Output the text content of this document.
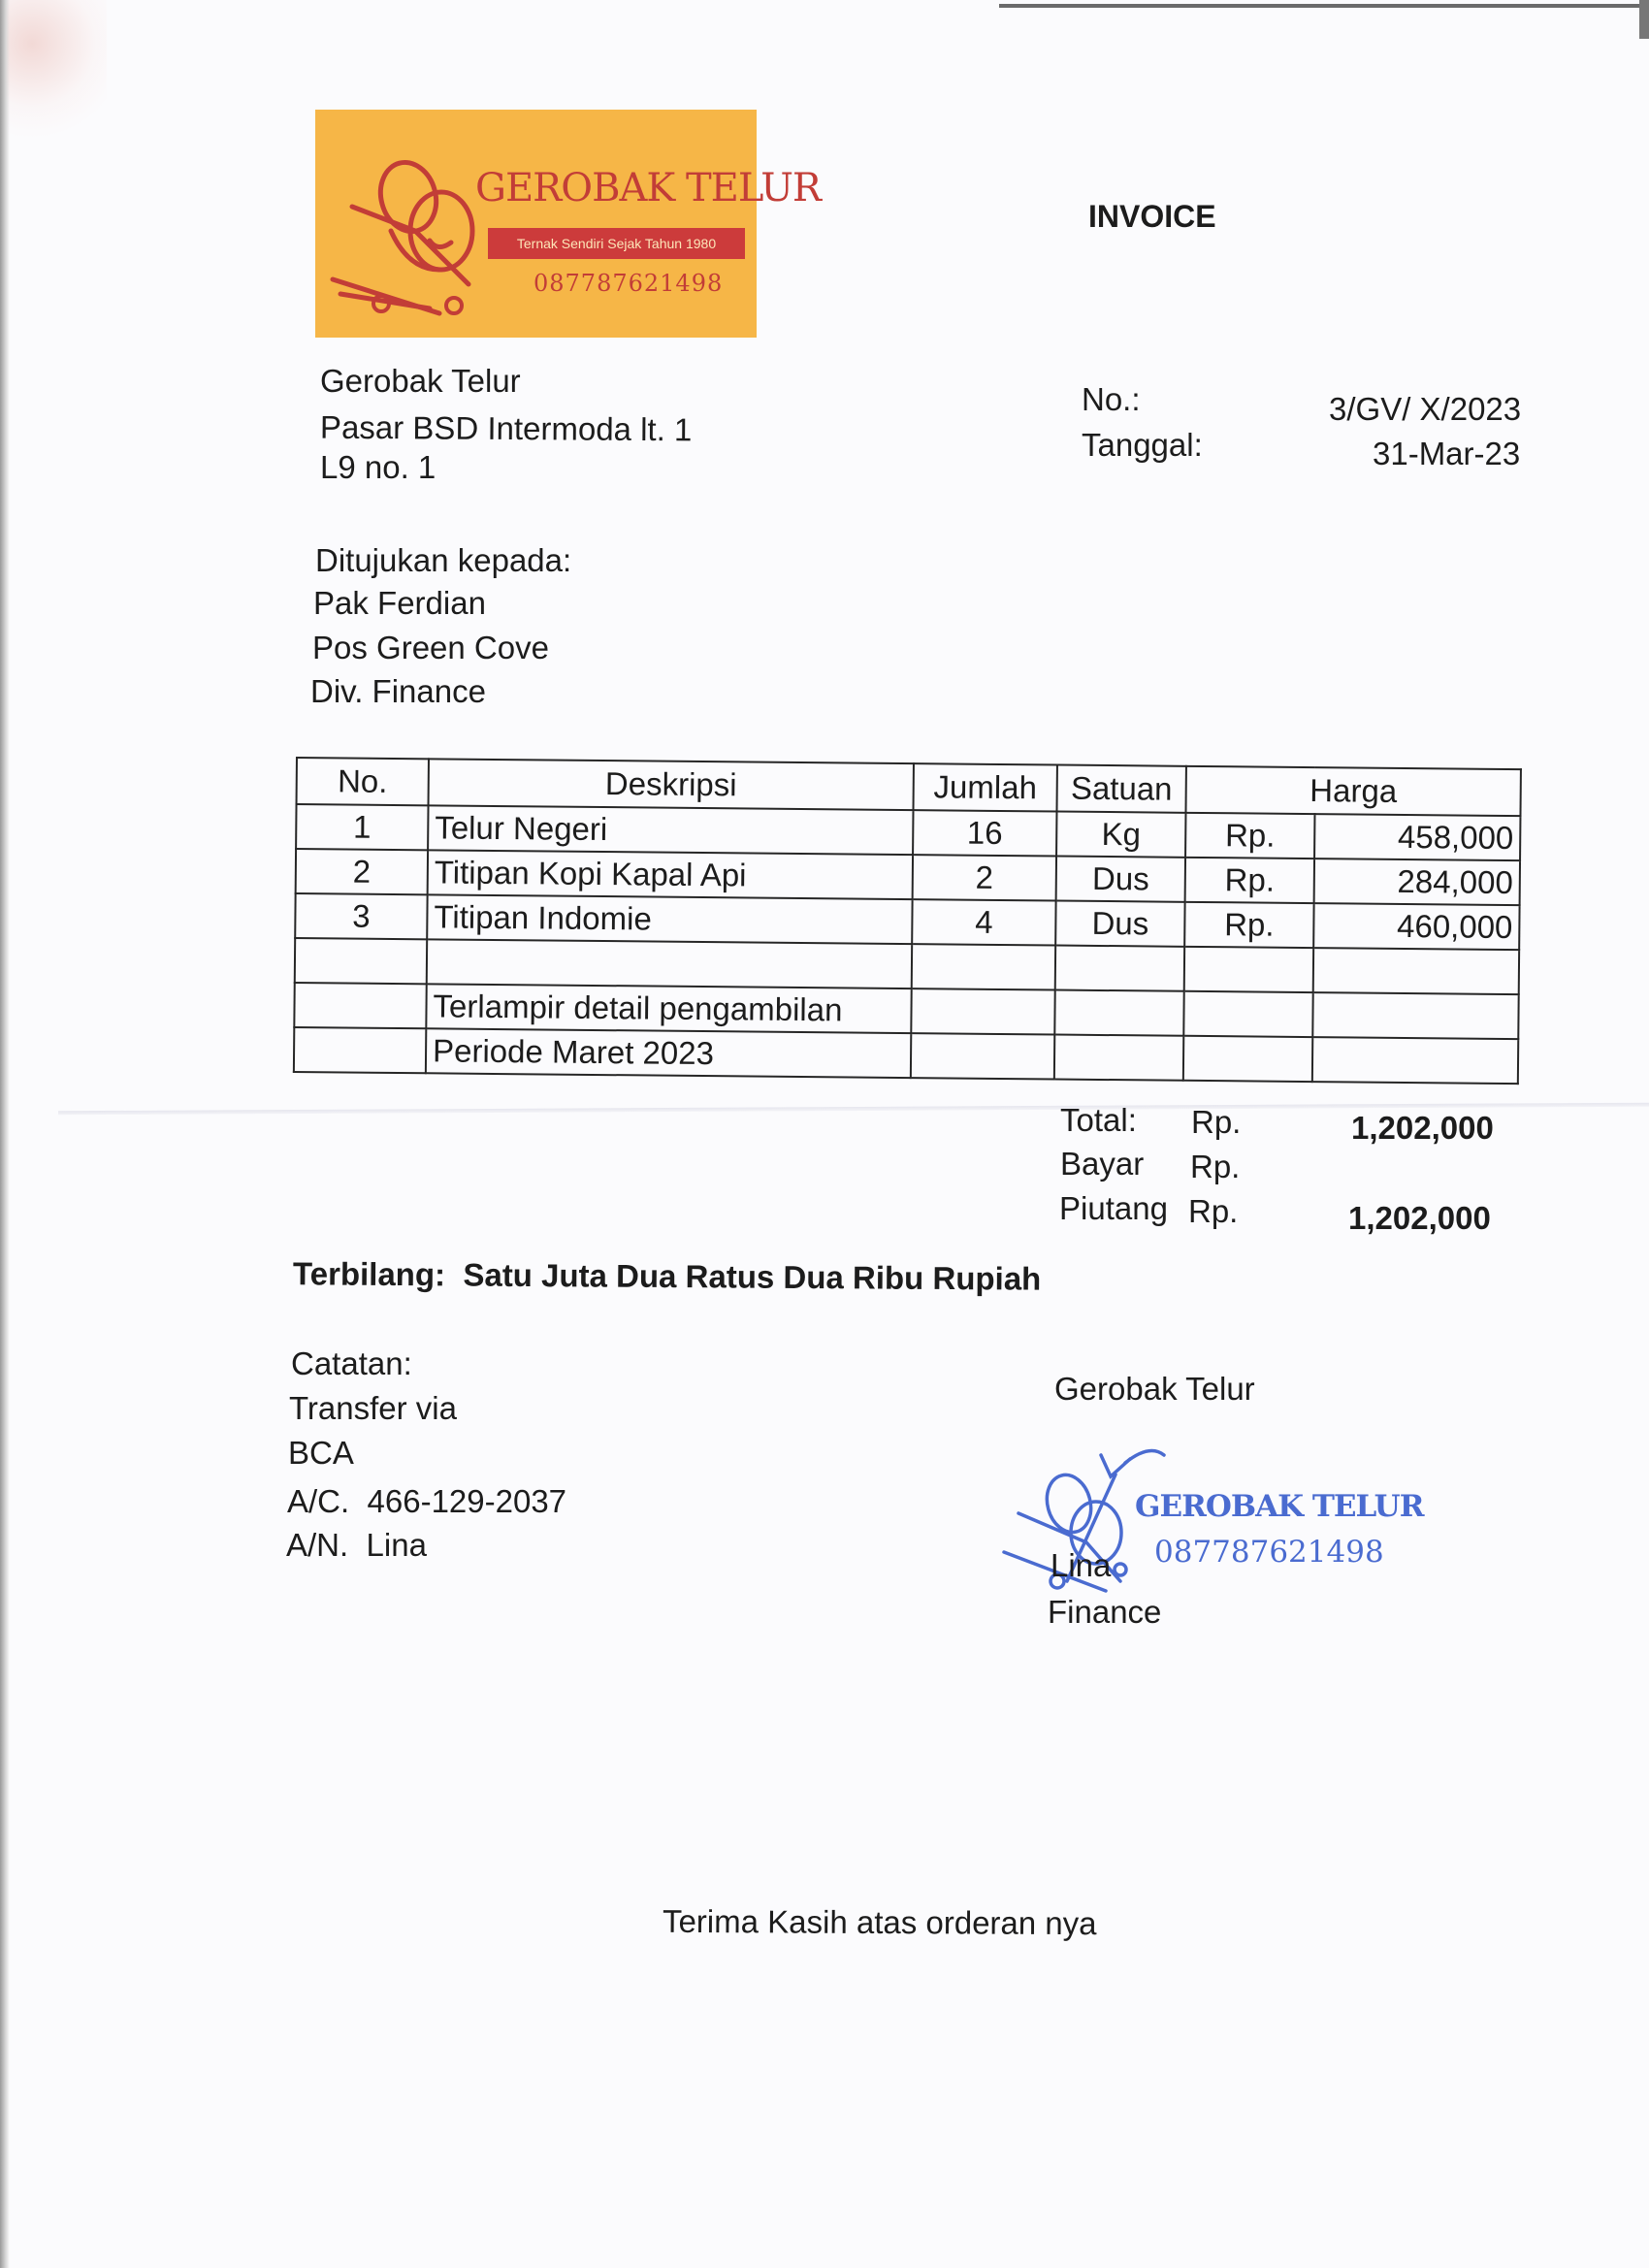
GEROBAK TELUR
Ternak Sendiri Sejak Tahun 1980
087787621498
INVOICE
Gerobak Telur
Pasar BSD Intermoda lt. 1
L9 no. 1
No.:	3/GV/ X/2023
Tanggal:	31-Mar-23
Ditujukan kepada:
Pak Ferdian
Pos Green Cove
Div. Finance
No.	Deskripsi	Jumlah	Satuan	Harga	
1	Telur Negeri	16	Kg	Rp.	458,000
2	Titipan Kopi Kapal Api	2	Dus	Rp.	284,000
3	Titipan Indomie	4	Dus	Rp.	460,000

	Terlampir detail pengambilan				
	Periode Maret 2023				
Total: Rp.	1,202,000
Bayar Rp.
Piutang Rp.	1,202,000
Terbilang: Satu Juta Dua Ratus Dua Ribu Rupiah
Catatan:
Transfer via
BCA
A/C. 466-129-2037
A/N. Lina
Gerobak Telur
GEROBAK TELUR
087787621498
Lina
Finance
Terima Kasih atas orderan nya
